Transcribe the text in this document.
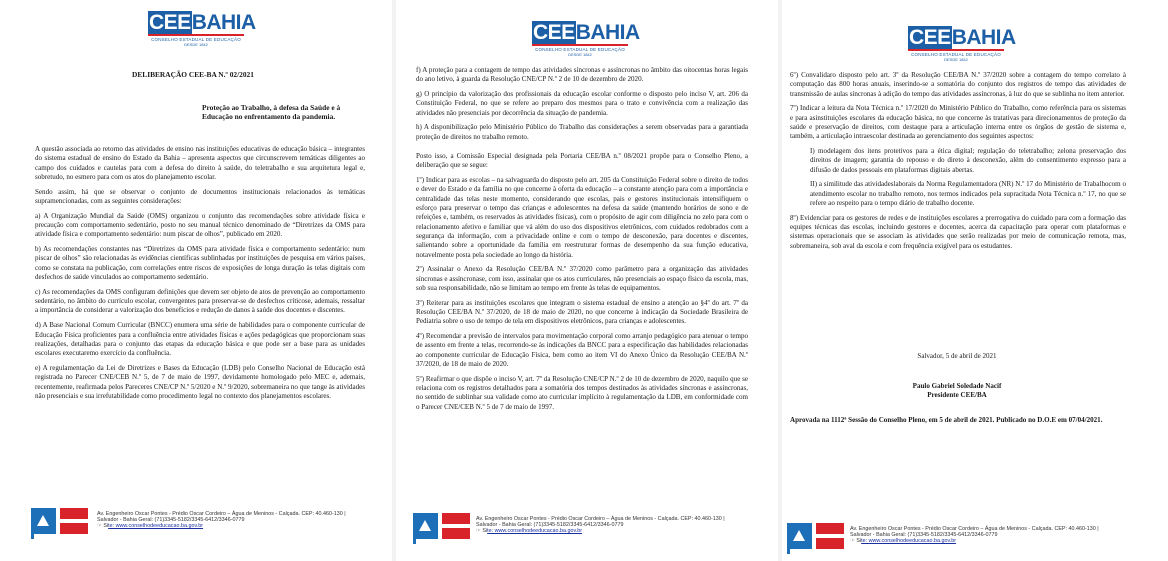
CEEBAHIA
CONSELHO ESTADUAL DE EDUCAÇÃO
DESDE 1842
DELIBERAÇÃO CEE-BA N.º 02/2021
Proteção ao Trabalho, à defesa da Saúde e à
Educação no enfrentamento da pandemia.

A questão associada ao retorno das atividades de ensino nas instituições educativas de educação básica – integrantes do sistema estadual de ensino do Estado da Bahia – apresenta aspectos que circunscrevem temáticas diligentes ao campo dos cuidados e cautelas para com a defesa do direito à saúde, do teletrabalho e sua arquitetura legal e, sobretudo, no esmero para com os atos do planejamento escolar.

Sendo assim, há que se observar o conjunto de documentos institucionais relacionados às temáticas supramencionadas, com as seguintes considerações:

a) A Organização Mundial da Saúde (OMS) organizou o conjunto das recomendações sobre atividade física e precaução com comportamento sedentário, posto no seu manual técnico denominado de “Diretrizes da OMS para atividade física e comportamento sedentário: num piscar de olhos”, publicado em 2020.

b) As recomendações constantes nas “Diretrizes da OMS para atividade física e comportamento sedentário: num piscar de olhos” são relacionadas às evidências científicas sublinhadas por instituições de pesquisa em vários países, como se constata na publicação, com correlações entre riscos de exposições de longa duração às telas digitais com desfechos de saúde vinculados ao comportamento sedentário.

c) As recomendações da OMS configuram definições que devem ser objeto de atos de prevenção ao comportamento sedentário, no âmbito do currículo escolar, convergentes para preservar-se de desfechos críticose, ademais, ressaltar a importância de considerar a valorização dos benefícios e redução de danos à saúde dos docentes e discentes.

d) A Base Nacional Comum Curricular (BNCC) enumera uma série de habilidades para o componente curricular de Educação Física proficientes para a confluência entre atividades físicas e ações pedagógicas que proporcionam suas realizações, detalhadas para o conjunto das etapas da educação básica e que pode ser a base para as unidades escolares executaremo exercício da confluência.

e) A regulamentação da Lei de Diretrizes e Bases da Educação (LDB) pelo Conselho Nacional de Educação está registrada no Parecer CNE/CEB N.º 5, de 7 de maio de 1997, devidamente homologado pelo MEC e, ademais, recentemente, reafirmada pelos Pareceres CNE/CP N.º 5/2020 e N.º 9/2020, sobremaneira no que tange às atividades não presenciais e sua irrefutabilidade como procedimento legal no contexto dos planejamentos escolares.

Av. Engenheiro Oscar Pontes - Prédio Oscar Cordeiro – Água de Meninos - Calçada. CEP: 40.460-130 |
Salvador - Bahia Geral: (71)3345-5182/3345-6412/3346-0779
☞ Site: www.conselhodeeducacao.ba.gov.br
CEEBAHIA
CONSELHO ESTADUAL DE EDUCAÇÃO
DESDE 1842

f) A proteção para a contagem de tempo das atividades síncronas e assíncronas no âmbito das oitocentas horas legais do ano letivo, à guarda da Resolução CNE/CP N.º 2 de 10 de dezembro de 2020.

g) O princípio da valorização dos profissionais da educação escolar conforme o disposto pelo inciso V, art. 206 da Constituição Federal, no que se refere ao preparo dos mesmos para o trato e convivência com a realização das atividades não presenciais por decorrência da situação de pandemia.

h) A disponibilização pelo Ministério Público do Trabalho das considerações a serem observadas para a garantiada proteção de direitos no trabalho remoto.

Posto isso, a Comissão Especial designada pela Portaria CEE/BA n.º 08/2021 propõe para o Conselho Pleno, a deliberação que se segue:

1º) Indicar para as escolas – na salvaguarda do disposto pelo art. 205 da Constituição Federal sobre o direito de todos e dever do Estado e da família no que concerne à oferta da educação – a constante atenção para com a importância e centralidade das telas neste momento, considerando que escolas, pais e gestores institucionais intensifiquem o esforço para preservar o tempo das crianças e adolescentes na defesa da saúde (mantendo horários de sono e de refeições e, também, os reservados às atividades físicas), com o propósito de agir com diligência no zelo para com o relacionamento afetivo e familiar que vá além do uso dos dispositivos eletrônicos, com cuidados redobrados com a segurança da informação, com a privacidade online e com o tempo de desconexão, para docentes e discentes, salientando sobre a oportunidade da família em reestruturar formas de desempenho da sua função educativa, notavelmente posta pela sociedade ao longo da história.

2º) Assinalar o Anexo da Resolução CEE/BA N.º 37/2020 como parâmetro para a organização das atividades síncronas e assíncronase, com isso, assinalar que os atos curriculares, não presenciais ao espaço físico da escola, mas, sob sua responsabilidade, não se limitam ao tempo em frente às telas de equipamentos.

3º) Reiterar para as instituições escolares que integram o sistema estadual de ensino a atenção ao §4º do art. 7º da Resolução CEE/BA N.º 37/2020, de 18 de maio de 2020, no que concerne à indicação da Sociedade Brasileira de Pediatria sobre o uso de tempo de tela em dispositivos eletrônicos, para crianças e adolescentes.

4º) Recomendar a previsão de intervalos para movimentação corporal como arranjo pedagógico para atenuar o tempo de assento em frente a telas, recorrendo-se às indicações da BNCC para a especificação das habilidades relacionadas ao componente curricular de Educação Física, bem como ao item VI do Anexo Único da Resolução CEE/BA N.º 37/2020, de 18 de maio de 2020.

5º) Reafirmar o que dispõe o inciso V, art. 7º da Resolução CNE/CP N.º 2 de 10 de dezembro de 2020, naquilo que se relaciona com os registros detalhados para a somatória dos tempos destinados às atividades síncronas e assíncronas, no sentido de sublinhar sua validade como ato curricular implícito à regulamentação da LDB, em conformidade com o Parecer CNE/CEB N.º 5 de 7 de maio de 1997.

Av. Engenheiro Oscar Pontes - Prédio Oscar Cordeiro – Água de Meninos - Calçada. CEP: 40.460-130 |
Salvador - Bahia Geral: (71)3345-5182/3345-6412/3346-0779
☞ Site: www.conselhodeeducacao.ba.gov.br
CEEBAHIA
CONSELHO ESTADUAL DE EDUCAÇÃO
DESDE 1842

6º) Convalidaro disposto pelo art. 3º da Resolução CEE/BA N.º 37/2020 sobre a contagem do tempo correlato à computação das 800 horas anuais, inserindo-se a somatória do conjunto dos registros de tempo das atividades de transmissão de aulas síncronas à adição do tempo das atividades assíncronas, à luz do que se sublinha no item anterior.

7º) Indicar a leitura da Nota Técnica n.º 17/2020 do Ministério Público do Trabalho, como referência para os sistemas e para asinstituições escolares da educação básica, no que concerne às tratativas para direcionamentos de proteção da saúde e preservação de direitos, com destaque para a articulação interna entre os órgãos de gestão de sistema e, também, a articulação intraescolar destinada ao gerenciamento dos seguintes aspectos:

I) modelagem dos itens protetivos para a ética digital; regulação do teletrabalho; zelona preservação dos direitos de imagem; garantia do repouso e do direto à desconexão, além do consentimento expresso para a difusão de dados pessoais em plataformas digitais abertas.

II) a similitude das atividadeslaborais da Norma Regulamentadora (NR) N.º 17 do Ministério de Trabalhocom o atendimento escolar no trabalho remoto, nos termos indicados pela supracitada Nota Técnica n.º 17, no que se refere ao respeito para o tempo diário de trabalho docente.

8º) Evidenciar para os gestores de redes e de instituições escolares a prerrogativa do cuidado para com a formação das equipes técnicas das escolas, incluindo gestores e docentes, acerca da capacitação para operar com plataformas e sistemas operacionais que se associam às atividades que serão realizadas por meio de comunicação remota, mas, sobremaneira, sob aval da escola e com frequência exigível para os estudantes.

Salvador, 5 de abril de 2021
Paulo Gabriel Soledade Nacif
Presidente CEE/BA
Aprovada na 1112ª Sessão do Conselho Pleno, em 5 de abril de 2021. Publicado no D.O.E em 07/04/2021.
Av. Engenheiro Oscar Pontes - Prédio Oscar Cordeiro – Água de Meninos - Calçada. CEP: 40.460-130 |
Salvador - Bahia Geral: (71)3345-5182/3345-6412/3346-0779
☞ Site: www.conselhodeeducacao.ba.gov.br
